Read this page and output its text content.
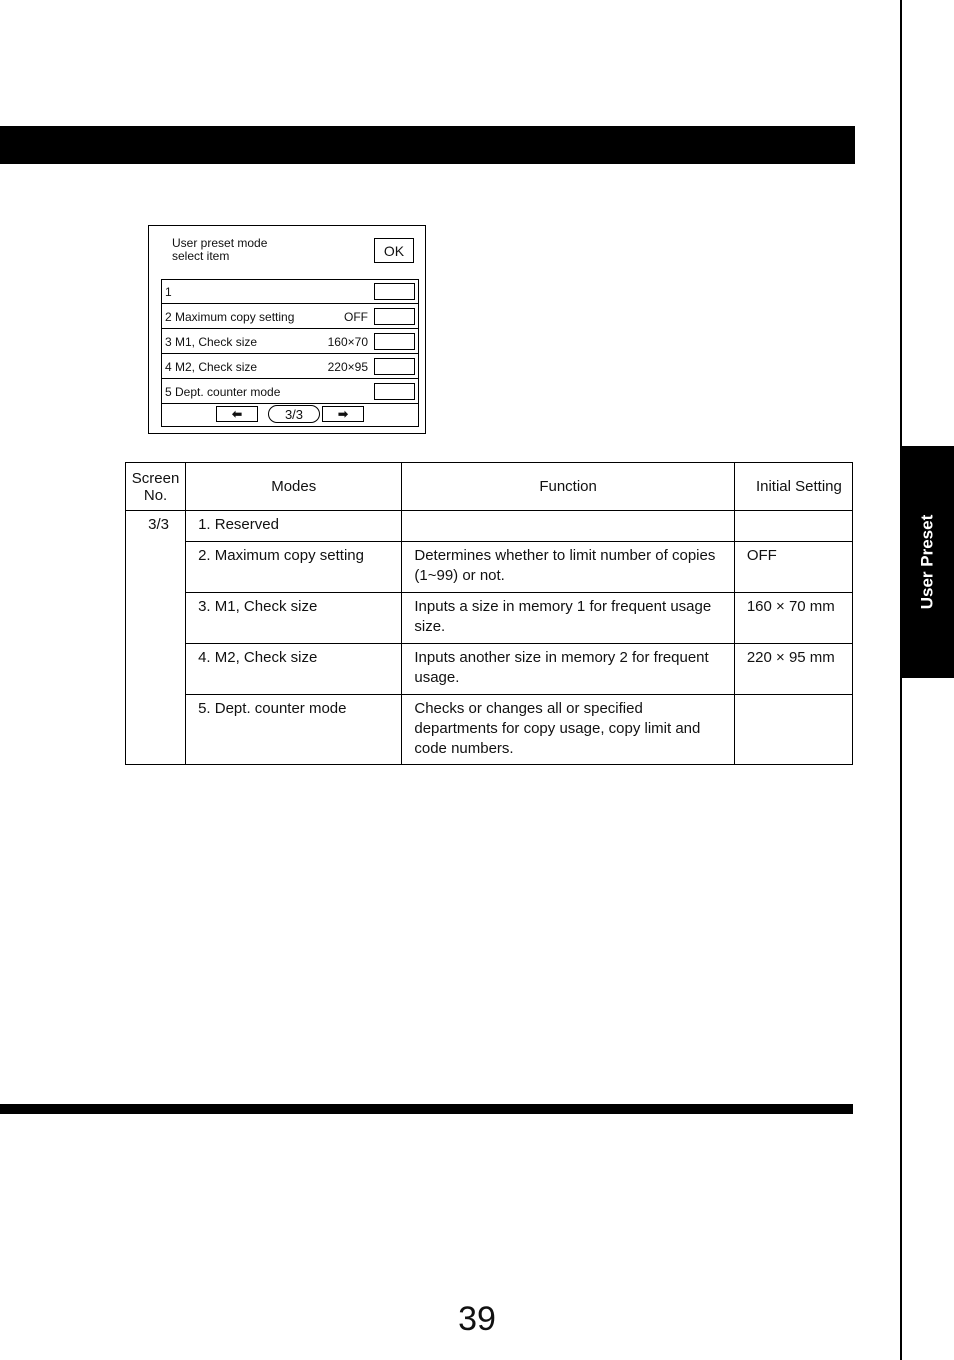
User Preset
User preset mode
select item	OK
1
2 Maximum copy setting	OFF
3 M1, Check size	160×70
4 M2, Check size	220×95
5 Dept. counter mode
⬅	3/3	➡
Screen
No.	Modes	Function	Initial Setting
3/3	1. Reserved		
	2. Maximum copy setting	Determines whether to limit number of copies (1~99) or not.	OFF
	3. M1, Check size	Inputs a size in memory 1 for frequent usage size.	160 × 70 mm
	4. M2, Check size	Inputs another size in memory 2 for frequent usage.	220 × 95 mm
	5. Dept. counter mode	Checks or changes all or specified departments for copy usage, copy limit and code numbers.	
39
